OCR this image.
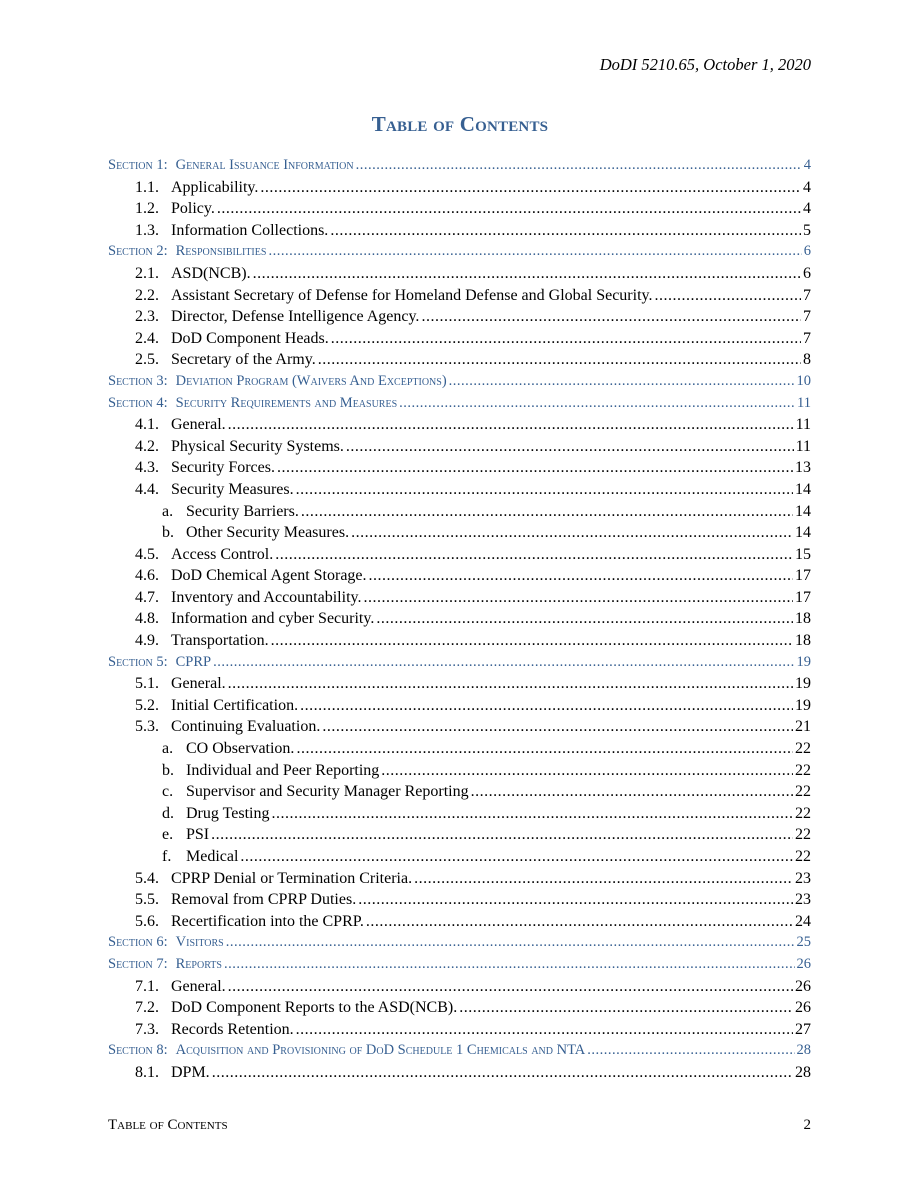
DoDI 5210.65, October 1, 2020
Table of Contents
Section 1: General Issuance Information .....	4
1.1. Applicability. .....	4
1.2. Policy. .....	4
1.3. Information Collections. .....	5
Section 2: Responsibilities .....	6
2.1. ASD(NCB). .....	6
2.2. Assistant Secretary of Defense for Homeland Defense and Global Security. .....	7
2.3. Director, Defense Intelligence Agency. .....	7
2.4. DoD Component Heads. .....	7
2.5. Secretary of the Army. .....	8
Section 3: Deviation Program (Waivers And Exceptions) .....	10
Section 4: Security Requirements and Measures .....	11
4.1. General. .....	11
4.2. Physical Security Systems. .....	11
4.3. Security Forces. .....	13
4.4. Security Measures. .....	14
a. Security Barriers. .....	14
b. Other Security Measures. .....	14
4.5. Access Control. .....	15
4.6. DoD Chemical Agent Storage. .....	17
4.7. Inventory and Accountability. .....	17
4.8. Information and cyber Security. .....	18
4.9. Transportation. .....	18
Section 5: CPRP .....	19
5.1. General. .....	19
5.2. Initial Certification. .....	19
5.3. Continuing Evaluation. .....	21
a. CO Observation. .....	22
b. Individual and Peer Reporting .....	22
c. Supervisor and Security Manager Reporting .....	22
d. Drug Testing .....	22
e. PSI .....	22
f. Medical .....	22
5.4. CPRP Denial or Termination Criteria. .....	23
5.5. Removal from CPRP Duties. .....	23
5.6. Recertification into the CPRP. .....	24
Section 6: Visitors .....	25
Section 7: Reports .....	26
7.1. General. .....	26
7.2. DoD Component Reports to the ASD(NCB). .....	26
7.3. Records Retention. .....	27
Section 8: Acquisition and Provisioning of DoD Schedule 1 Chemicals and NTA .....	28
8.1. DPM. .....	28
Table of Contents	2
